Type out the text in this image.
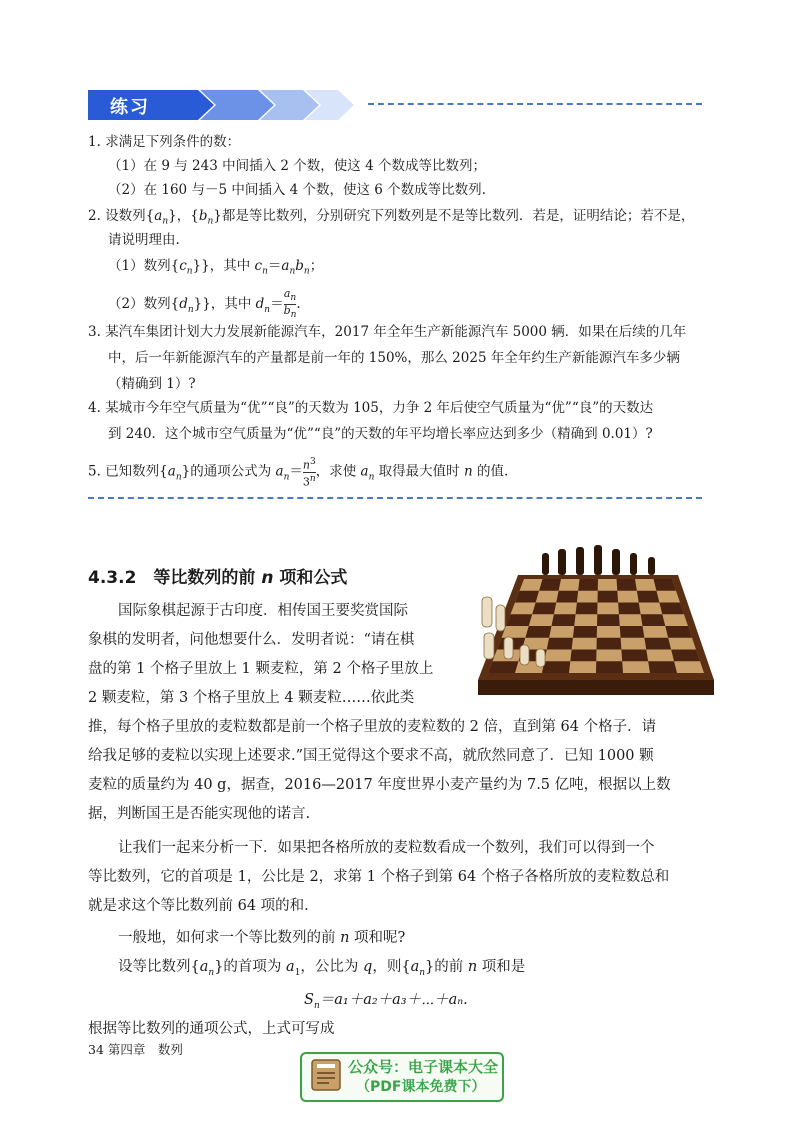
练习
1. 求满足下列条件的数：
（1）在 9 与 243 中间插入 2 个数，使这 4 个数成等比数列；
（2）在 160 与－5 中间插入 4 个数，使这 6 个数成等比数列.
2. 设数列$\{a_n\}$，$\{b_n\}$都是等比数列，分别研究下列数列是不是等比数列．若是，证明结论；若不是，
请说明理由.
（1）数列$\{c_n\}$}，其中 $c_n=a_nb_n$；
（2）数列$\{d_n\}$}，其中 $d_n= \frac{a_n}{b_n}$ .
3. 某汽车集团计划大力发展新能源汽车，2017 年全年生产新能源汽车 5000 辆．如果在后续的几年
中，后一年新能源汽车的产量都是前一年的 150%，那么 2025 年全年约生产新能源汽车多少辆
（精确到 1）?
4. 某城市今年空气质量为“优”“良”的天数为 105，力争 2 年后使空气质量为“优”“良”的天数达
到 240．这个城市空气质量为“优”“良”的天数的年平均增长率应达到多少（精确到 0.01）?
5. 已知数列$\{a_n\}$的通项公式为 $a_n= \frac{n^3}{3^n}$ ，求使 $a_n$ 取得最大值时 n 的值.
4.3.2　等比数列的前 n 项和公式
国际象棋起源于古印度．相传国王要奖赏国际
象棋的发明者，问他想要什么．发明者说：“请在棋
盘的第 1 个格子里放上 1 颗麦粒，第 2 个格子里放上
2 颗麦粒，第 3 个格子里放上 4 颗麦粒……依此类
推，每个格子里放的麦粒数都是前一个格子里放的麦粒数的 2 倍，直到第 64 个格子．请
给我足够的麦粒以实现上述要求.”国王觉得这个要求不高，就欣然同意了．已知 1000 颗
麦粒的质量约为 40 g，据查，2016—2017 年度世界小麦产量约为 7.5 亿吨，根据以上数
据，判断国王是否能实现他的诺言.
让我们一起来分析一下．如果把各格所放的麦粒数看成一个数列，我们可以得到一个
等比数列，它的首项是 1，公比是 2，求第 1 个格子到第 64 个格子各格所放的麦粒数总和
就是求这个等比数列前 64 项的和.
一般地，如何求一个等比数列的前 n 项和呢?
设等比数列$\{a_n\}$的首项为 $a_1$，公比为 q，则$\{a_n\}$的前 n 项和是
$S_n=a_1+a_2+a_3+\cdots+a_n$.
根据等比数列的通项公式，上式可写成
34 第四章　数列
公众号：电子课本大全
（PDF课本免费下）
